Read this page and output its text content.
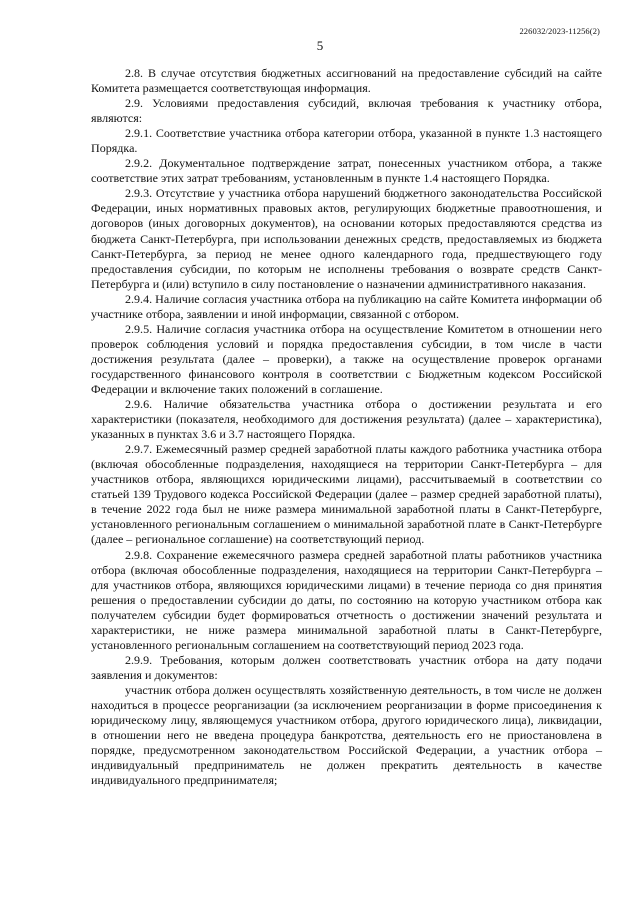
226032/2023-11256(2)
5

2.8. В случае отсутствия бюджетных ассигнований на предоставление субсидий на сайте Комитета размещается соответствующая информация.

2.9. Условиями предоставления субсидий, включая требования к участнику отбора, являются:

2.9.1. Соответствие участника отбора категории отбора, указанной в пункте 1.3 настоящего Порядка.

2.9.2. Документальное подтверждение затрат, понесенных участником отбора, а также соответствие этих затрат требованиям, установленным в пункте 1.4 настоящего Порядка.

2.9.3. Отсутствие у участника отбора нарушений бюджетного законодательства Российской Федерации, иных нормативных правовых актов, регулирующих бюджетные правоотношения, и договоров (иных договорных документов), на основании которых предоставляются средства из бюджета Санкт-Петербурга, при использовании денежных средств, предоставляемых из бюджета Санкт-Петербурга, за период не менее одного календарного года, предшествующего году предоставления субсидии, по которым не исполнены требования о возврате средств Санкт-Петербурга и (или) вступило в силу постановление о назначении административного наказания.

2.9.4. Наличие согласия участника отбора на публикацию на сайте Комитета информации об участнике отбора, заявлении и иной информации, связанной с отбором.

2.9.5. Наличие согласия участника отбора на осуществление Комитетом в отношении него проверок соблюдения условий и порядка предоставления субсидии, в том числе в части достижения результата (далее – проверки), а также на осуществление проверок органами государственного финансового контроля в соответствии с Бюджетным кодексом Российской Федерации и включение таких положений в соглашение.

2.9.6. Наличие обязательства участника отбора о достижении результата и его характеристики (показателя, необходимого для достижения результата) (далее – характеристика), указанных в пунктах 3.6 и 3.7 настоящего Порядка.

2.9.7. Ежемесячный размер средней заработной платы каждого работника участника отбора (включая обособленные подразделения, находящиеся на территории Санкт-Петербурга – для участников отбора, являющихся юридическими лицами), рассчитываемый в соответствии со статьей 139 Трудового кодекса Российской Федерации (далее – размер средней заработной платы), в течение 2022 года был не ниже размера минимальной заработной платы в Санкт-Петербурге, установленного региональным соглашением о минимальной заработной плате в Санкт-Петербурге (далее – региональное соглашение) на соответствующий период.

2.9.8. Сохранение ежемесячного размера средней заработной платы работников участника отбора (включая обособленные подразделения, находящиеся на территории Санкт-Петербурга – для участников отбора, являющихся юридическими лицами) в течение периода со дня принятия решения о предоставлении субсидии до даты, по состоянию на которую участником отбора как получателем субсидии будет формироваться отчетность о достижении значений результата и характеристики, не ниже размера минимальной заработной платы в Санкт-Петербурге, установленного региональным соглашением на соответствующий период 2023 года.

2.9.9. Требования, которым должен соответствовать участник отбора на дату подачи заявления и документов:

участник отбора должен осуществлять хозяйственную деятельность, в том числе не должен находиться в процессе реорганизации (за исключением реорганизации в форме присоединения к юридическому лицу, являющемуся участником отбора, другого юридического лица), ликвидации, в отношении него не введена процедура банкротства, деятельность его не приостановлена в порядке, предусмотренном законодательством Российской Федерации, а участник отбора – индивидуальный предприниматель не должен прекратить деятельность в качестве индивидуального предпринимателя;
